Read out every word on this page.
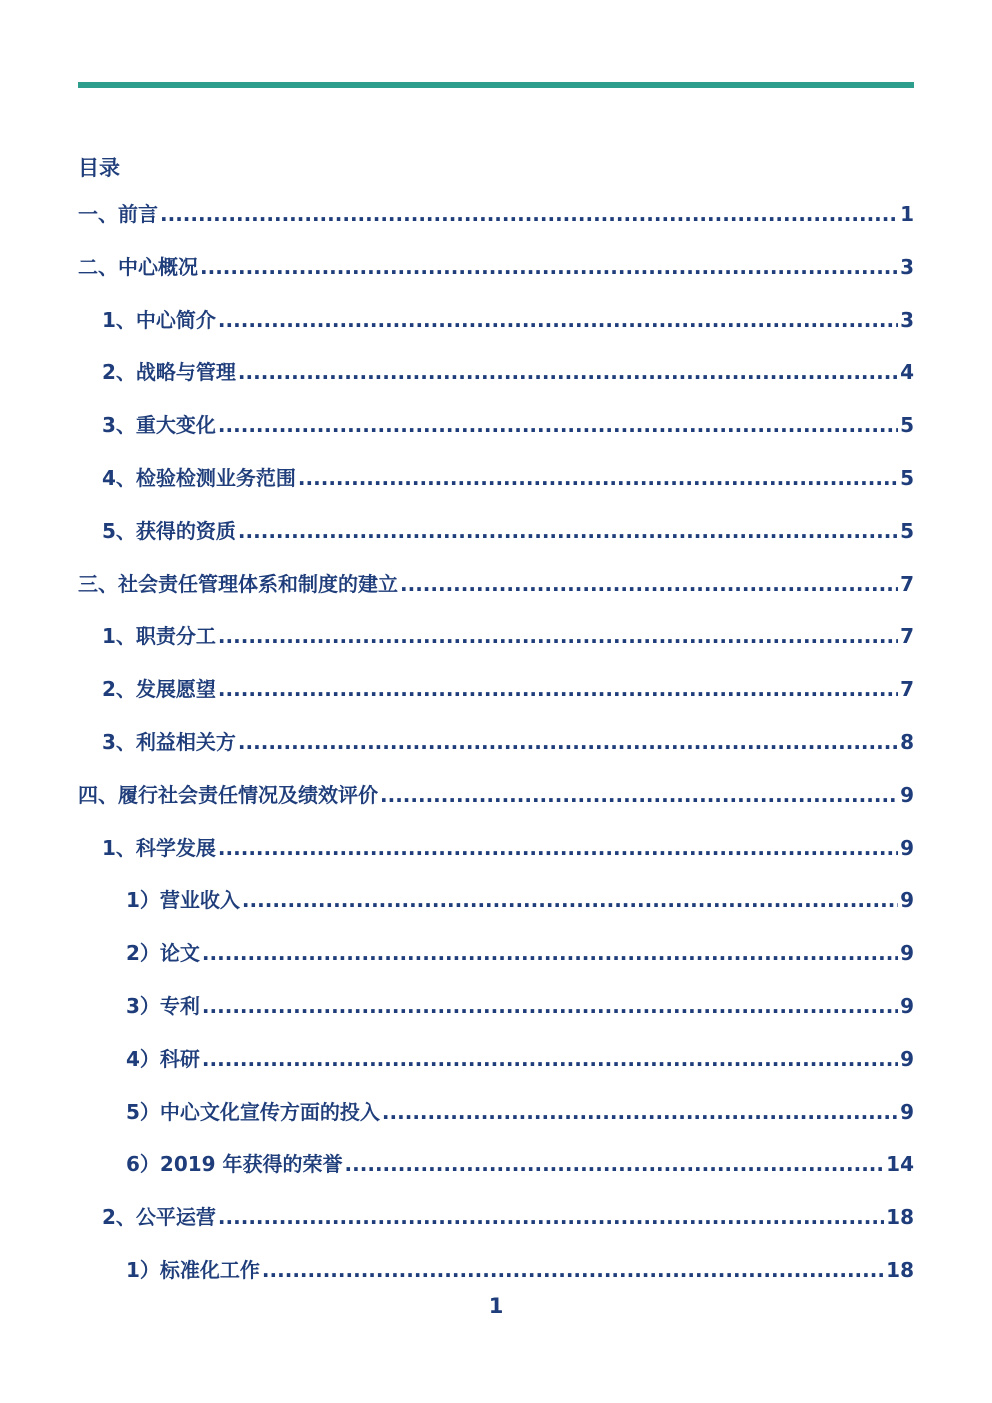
目录
一、前言 .....	1
二、中心概况 .....	3
1、中心简介 .....	3
2、战略与管理 .....	4
3、重大变化 .....	5
4、检验检测业务范围 .....	5
5、获得的资质 .....	5
三、社会责任管理体系和制度的建立 .....	7
1、职责分工 .....	7
2、发展愿望 .....	7
3、利益相关方 .....	8
四、履行社会责任情况及绩效评价 .....	9
1、科学发展 .....	9
1）营业收入 .....	9
2）论文 .....	9
3）专利 .....	9
4）科研 .....	9
5）中心文化宣传方面的投入 .....	9
6）2019 年获得的荣誉 .....	14
2、公平运营 .....	18
1）标准化工作 .....	18
1
